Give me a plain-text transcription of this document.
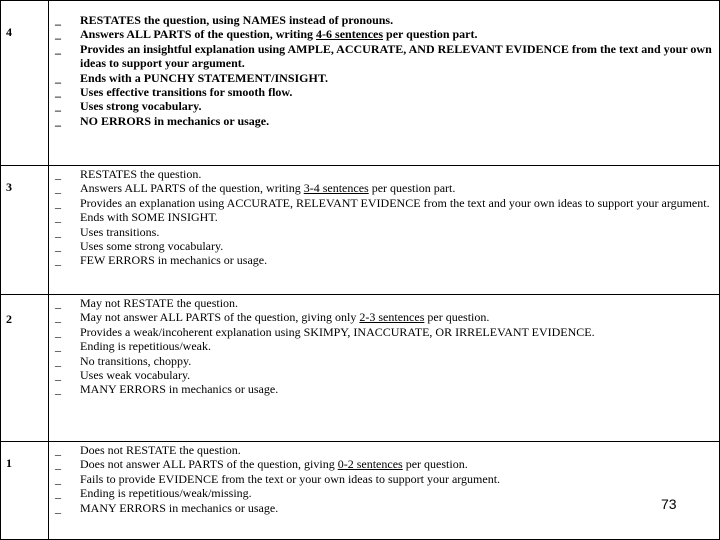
4
_	RESTATES the question, using NAMES instead of pronouns.
_	Answers ALL PARTS of the question, writing 4-6 sentences per question part.
_	Provides an insightful explanation using AMPLE, ACCURATE, AND RELEVANT EVIDENCE from the text and your own ideas to support your argument.
_	Ends with a PUNCHY STATEMENT/INSIGHT.
_	Uses effective transitions for smooth flow.
_	Uses strong vocabulary.
_	NO ERRORS in mechanics or usage.
3
_	RESTATES the question.
_	Answers ALL PARTS of the question, writing 3-4 sentences per question part.
_	Provides an explanation using ACCURATE, RELEVANT EVIDENCE from the text and your own ideas to support your argument.
_	Ends with SOME INSIGHT.
_	Uses transitions.
_	Uses some strong vocabulary.
_	FEW ERRORS in mechanics or usage.
2
_	May not RESTATE the question.
_	May not answer ALL PARTS of the question, giving only 2-3 sentences per question.
_	Provides a weak/incoherent explanation using SKIMPY, INACCURATE, OR IRRELEVANT EVIDENCE.
_	Ending is repetitious/weak.
_	No transitions, choppy.
_	Uses weak vocabulary.
_	MANY ERRORS in mechanics or usage.
1
_	Does not RESTATE the question.
_	Does not answer ALL PARTS of the question, giving 0-2 sentences per question.
_	Fails to provide EVIDENCE from the text or your own ideas to support your argument.
_	Ending is repetitious/weak/missing.
_	MANY ERRORS in mechanics or usage.	73
